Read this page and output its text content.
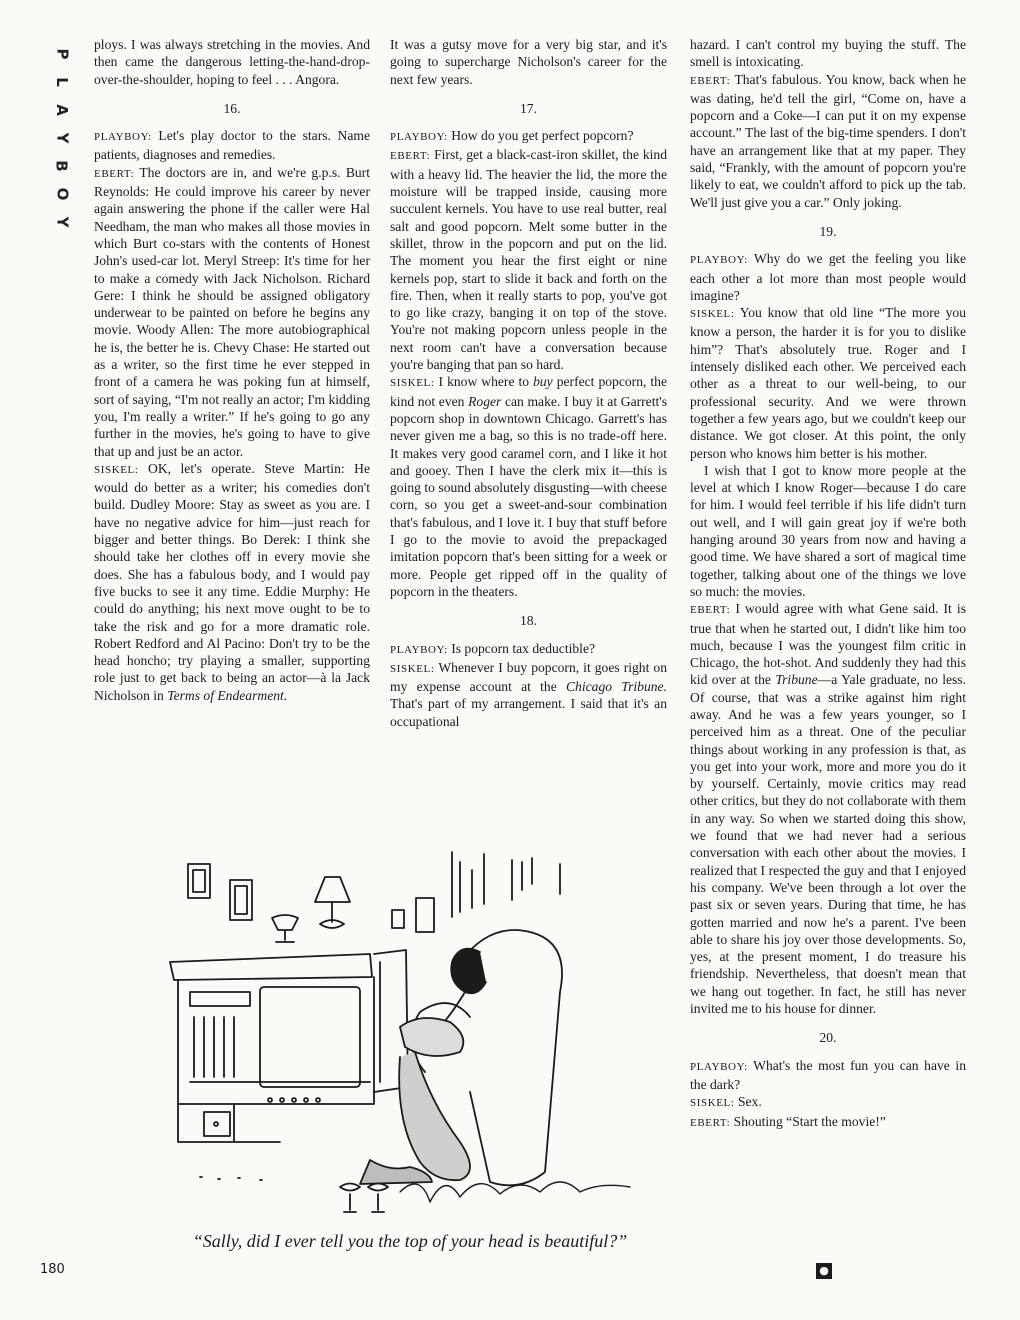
P
L
A
Y
B
O
Y

ploys. I was always stretching in the movies. And then came the dangerous letting-the-hand-drop-over-the-shoulder, hoping to feel . . . Angora.

16.

PLAYBOY: Let's play doctor to the stars. Name patients, diagnoses and remedies.

EBERT: The doctors are in, and we're g.p.s. Burt Reynolds: He could improve his career by never again answering the phone if the caller were Hal Needham, the man who makes all those movies in which Burt co-stars with the contents of Honest John's used-car lot. Meryl Streep: It's time for her to make a comedy with Jack Nicholson. Richard Gere: I think he should be assigned obligatory underwear to be painted on before he begins any movie. Woody Allen: The more autobiographical he is, the better he is. Chevy Chase: He started out as a writer, so the first time he ever stepped in front of a camera he was poking fun at himself, sort of saying, “I'm not really an actor; I'm kidding you, I'm really a writer.” If he's going to go any further in the movies, he's going to have to give that up and just be an actor.

SISKEL: OK, let's operate. Steve Martin: He would do better as a writer; his comedies don't build. Dudley Moore: Stay as sweet as you are. I have no negative advice for him—just reach for bigger and better things. Bo Derek: I think she should take her clothes off in every movie she does. She has a fabulous body, and I would pay five bucks to see it any time. Eddie Murphy: He could do anything; his next move ought to be to take the risk and go for a more dramatic role. Robert Redford and Al Pacino: Don't try to be the head honcho; try playing a smaller, supporting role just to get back to being an actor—à la Jack Nicholson in Terms of Endearment.

It was a gutsy move for a very big star, and it's going to supercharge Nicholson's career for the next few years.

17.

PLAYBOY: How do you get perfect popcorn?

EBERT: First, get a black-cast-iron skillet, the kind with a heavy lid. The heavier the lid, the more the moisture will be trapped inside, causing more succulent kernels. You have to use real butter, real salt and good popcorn. Melt some butter in the skillet, throw in the popcorn and put on the lid. The moment you hear the first eight or nine kernels pop, start to slide it back and forth on the fire. Then, when it really starts to pop, you've got to go like crazy, banging it on top of the stove. You're not making popcorn unless people in the next room can't have a conversation because you're banging that pan so hard.

SISKEL: I know where to buy perfect popcorn, the kind not even Roger can make. I buy it at Garrett's popcorn shop in downtown Chicago. Garrett's has never given me a bag, so this is no trade-off here. It makes very good caramel corn, and I like it hot and gooey. Then I have the clerk mix it—this is going to sound absolutely disgusting—with cheese corn, so you get a sweet-and-sour combination that's fabulous, and I love it. I buy that stuff before I go to the movie to avoid the prepackaged imitation popcorn that's been sitting for a week or more. People get ripped off in the quality of popcorn in the theaters.

18.

PLAYBOY: Is popcorn tax deductible?

SISKEL: Whenever I buy popcorn, it goes right on my expense account at the Chicago Tribune. That's part of my arrangement. I said that it's an occupational

hazard. I can't control my buying the stuff. The smell is intoxicating.

EBERT: That's fabulous. You know, back when he was dating, he'd tell the girl, “Come on, have a popcorn and a Coke—I can put it on my expense account.” The last of the big-time spenders. I don't have an arrangement like that at my paper. They said, “Frankly, with the amount of popcorn you're likely to eat, we couldn't afford to pick up the tab. We'll just give you a car.” Only joking.

19.

PLAYBOY: Why do we get the feeling you like each other a lot more than most people would imagine?

SISKEL: You know that old line “The more you know a person, the harder it is for you to dislike him”? That's absolutely true. Roger and I intensely disliked each other. We perceived each other as a threat to our well-being, to our professional security. And we were thrown together a few years ago, but we couldn't keep our distance. We got closer. At this point, the only person who knows him better is his mother.

I wish that I got to know more people at the level at which I know Roger—because I do care for him. I would feel terrible if his life didn't turn out well, and I will gain great joy if we're both hanging around 30 years from now and having a good time. We have shared a sort of magical time together, talking about one of the things we love so much: the movies.

EBERT: I would agree with what Gene said. It is true that when he started out, I didn't like him too much, because I was the youngest film critic in Chicago, the hot-shot. And suddenly they had this kid over at the Tribune—a Yale graduate, no less. Of course, that was a strike against him right away. And he was a few years younger, so I perceived him as a threat. One of the peculiar things about working in any profession is that, as you get into your work, more and more you do it by yourself. Certainly, movie critics may read other critics, but they do not collaborate with them in any way. So when we started doing this show, we found that we had never had a serious conversation with each other about the movies. I realized that I respected the guy and that I enjoyed his company. We've been through a lot over the past six or seven years. During that time, he has gotten married and now he's a parent. I've been able to share his joy over those developments. So, yes, at the present moment, I do treasure his friendship. Nevertheless, that doesn't mean that we hang out together. In fact, he still has never invited me to his house for dinner.

20.

PLAYBOY: What's the most fun you can have in the dark?

SISKEL: Sex.

EBERT: Shouting “Start the movie!”

“Sally, did I ever tell you the top of your head is beautiful?”
180	●
